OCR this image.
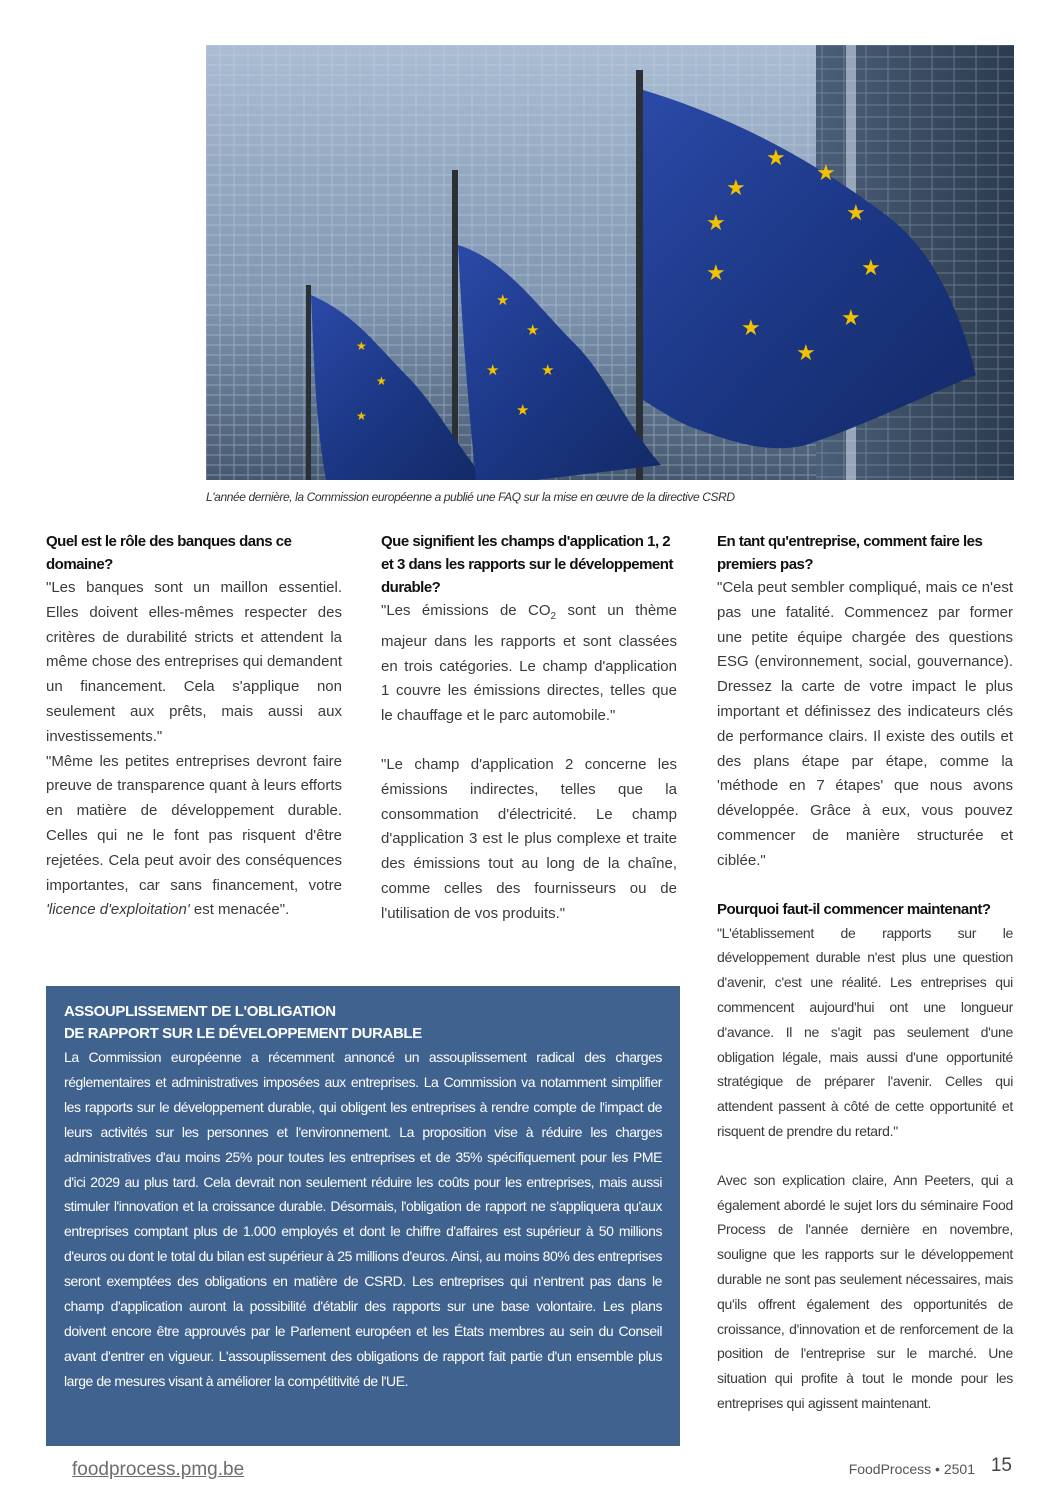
★
★
★
★
★
★
★
★
★
★
★
★
★
★
★
★
★
★
L'année dernière, la Commission européenne a publié une FAQ sur la mise en œuvre de la directive CSRD

Quel est le rôle des banques dans ce domaine?

"Les banques sont un maillon essentiel. Elles doivent elles-mêmes respecter des critères de durabilité stricts et attendent la même chose des entreprises qui demandent un financement. Cela s'applique non seulement aux prêts, mais aussi aux investissements."

"Même les petites entreprises devront faire preuve de transparence quant à leurs efforts en matière de développement durable. Celles qui ne le font pas risquent d'être rejetées. Cela peut avoir des conséquences importantes, car sans financement, votre 'licence d'exploitation' est menacée".

Que signifient les champs d'application 1, 2 et 3 dans les rapports sur le développement durable?

"Les émissions de $CO_2$ sont un thème majeur dans les rapports et sont classées en trois catégories. Le champ d'application 1 couvre les émissions directes, telles que le chauffage et le parc automobile."

"Le champ d'application 2 concerne les émissions indirectes, telles que la consommation d'électricité. Le champ d'application 3 est le plus complexe et traite des émissions tout au long de la chaîne, comme celles des fournisseurs ou de l'utilisation de vos produits."

En tant qu'entreprise, comment faire les premiers pas?

"Cela peut sembler compliqué, mais ce n'est pas une fatalité. Commencez par former une petite équipe chargée des questions ESG (environnement, social, gouvernance). Dressez la carte de votre impact le plus important et définissez des indicateurs clés de performance clairs. Il existe des outils et des plans étape par étape, comme la 'méthode en 7 étapes' que nous avons développée. Grâce à eux, vous pouvez commencer de manière structurée et ciblée."

Pourquoi faut-il commencer maintenant?

"L'établissement de rapports sur le développement durable n'est plus une question d'avenir, c'est une réalité. Les entreprises qui commencent aujourd'hui ont une longueur d'avance. Il ne s'agit pas seulement d'une obligation légale, mais aussi d'une opportunité stratégique de préparer l'avenir. Celles qui attendent passent à côté de cette opportunité et risquent de prendre du retard."

Avec son explication claire, Ann Peeters, qui a également abordé le sujet lors du séminaire Food Process de l'année dernière en novembre, souligne que les rapports sur le développement durable ne sont pas seulement nécessaires, mais qu'ils offrent également des opportunités de croissance, d'innovation et de renforcement de la position de l'entreprise sur le marché. Une situation qui profite à tout le monde pour les entreprises qui agissent maintenant.

ASSOUPLISSEMENT DE L'OBLIGATION

DE RAPPORT SUR LE DÉVELOPPEMENT DURABLE

La Commission européenne a récemment annoncé un assouplissement radical des charges réglementaires et administratives imposées aux entreprises. La Commission va notamment simplifier les rapports sur le développement durable, qui obligent les entreprises à rendre compte de l'impact de leurs activités sur les personnes et l'environnement. La proposition vise à réduire les charges administratives d'au moins 25% pour toutes les entreprises et de 35% spécifiquement pour les PME d'ici 2029 au plus tard. Cela devrait non seulement réduire les coûts pour les entreprises, mais aussi stimuler l'innovation et la croissance durable. Désormais, l'obligation de rapport ne s'appliquera qu'aux entreprises comptant plus de 1.000 employés et dont le chiffre d'affaires est supérieur à 50 millions d'euros ou dont le total du bilan est supérieur à 25 millions d'euros. Ainsi, au moins 80% des entreprises seront exemptées des obligations en matière de CSRD. Les entreprises qui n'entrent pas dans le champ d'application auront la possibilité d'établir des rapports sur une base volontaire. Les plans doivent encore être approuvés par le Parlement européen et les États membres au sein du Conseil avant d'entrer en vigueur. L'assouplissement des obligations de rapport fait partie d'un ensemble plus large de mesures visant à améliorer la compétitivité de l'UE.

foodprocess.pmg.be	FoodProcess • 2501 15
